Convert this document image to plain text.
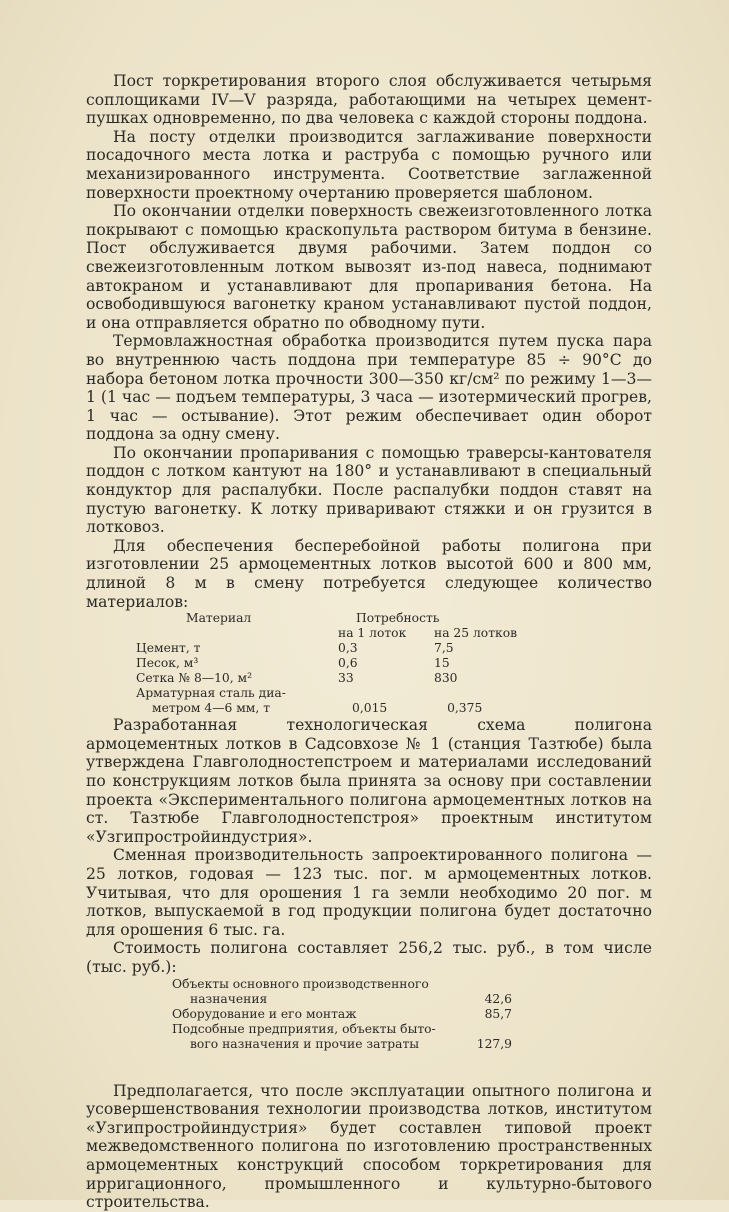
Пост торкретирования второго слоя обслуживается четырьмя соплощиками IV—V разряда, работающими на четырех цемент-пушках одновременно, по два человека с каждой стороны поддона.

На посту отделки производится заглаживание поверхности посадочного места лотка и раструба с помощью ручного или механизированного инструмента. Соответствие заглаженной поверхности проектному очертанию проверяется шаблоном.

По окончании отделки поверхность свежеизготовленного лотка покрывают с помощью краскопульта раствором битума в бензине. Пост обслуживается двумя рабочими. Затем поддон со свежеизготовленным лотком вывозят из-под навеса, поднимают автокраном и устанавливают для пропаривания бетона. На освободившуюся вагонетку краном устанавливают пустой поддон, и она отправляется обратно по обводному пути.

Термовлажностная обработка производится путем пуска пара во внутреннюю часть поддона при температуре 85 ÷ 90°С до набора бетоном лотка прочности 300—350 кг/см² по режиму 1—3—1 (1 час — подъем температуры, 3 часа — изотермический прогрев, 1 час — остывание). Этот режим обеспечивает один оборот поддона за одну смену.

По окончании пропаривания с помощью траверсы-кантователя поддон с лотком кантуют на 180° и устанавливают в специальный кондуктор для распалубки. После распалубки поддон ставят на пустую вагонетку. К лотку приваривают стяжки и он грузится в лотковоз.

Для обеспечения бесперебойной работы полигона при изготовлении 25 армоцементных лотков высотой 600 и 800 мм, длиной 8 м в смену потребуется следующее количество материалов:

Материал	Потребность
на 1 лоток	на 25 лотков
Цемент, т	0,3	7,5
Песок, м³	0,6	15
Сетка № 8—10, м²	33	830
Арматурная сталь диа-
метром 4—6 мм, т	0,015	0,375

Разработанная технологическая схема полигона армоцементных лотков в Садсовхозе № 1 (станция Тазтюбе) была утверждена Главголодностепстроем и материалами исследований по конструкциям лотков была принята за основу при составлении проекта «Экспериментального полигона армоцементных лотков на ст. Тазтюбе Главголодностепстроя» проектным институтом «Узгипростройиндустрия».

Сменная производительность запроектированного полигона — 25 лотков, годовая — 123 тыс. пог. м армоцементных лотков. Учитывая, что для орошения 1 га земли необходимо 20 пог. м лотков, выпускаемой в год продукции полигона будет достаточно для орошения 6 тыс. га.

Стоимость полигона составляет 256,2 тыс. руб., в том числе (тыс. руб.):

Объекты основного производственного
назначения	42,6
Оборудование и его монтаж	85,7
Подсобные предприятия, объекты быто-
вого назначения и прочие затраты	127,9

Предполагается, что после эксплуатации опытного полигона и усовершенствования технологии производства лотков, институтом «Узгипростройиндустрия» будет составлен типовой проект межведомственного полигона по изготовлению пространственных армоцементных конструкций способом торкретирования для ирригационного, промышленного и культурно-бытового строительства.
